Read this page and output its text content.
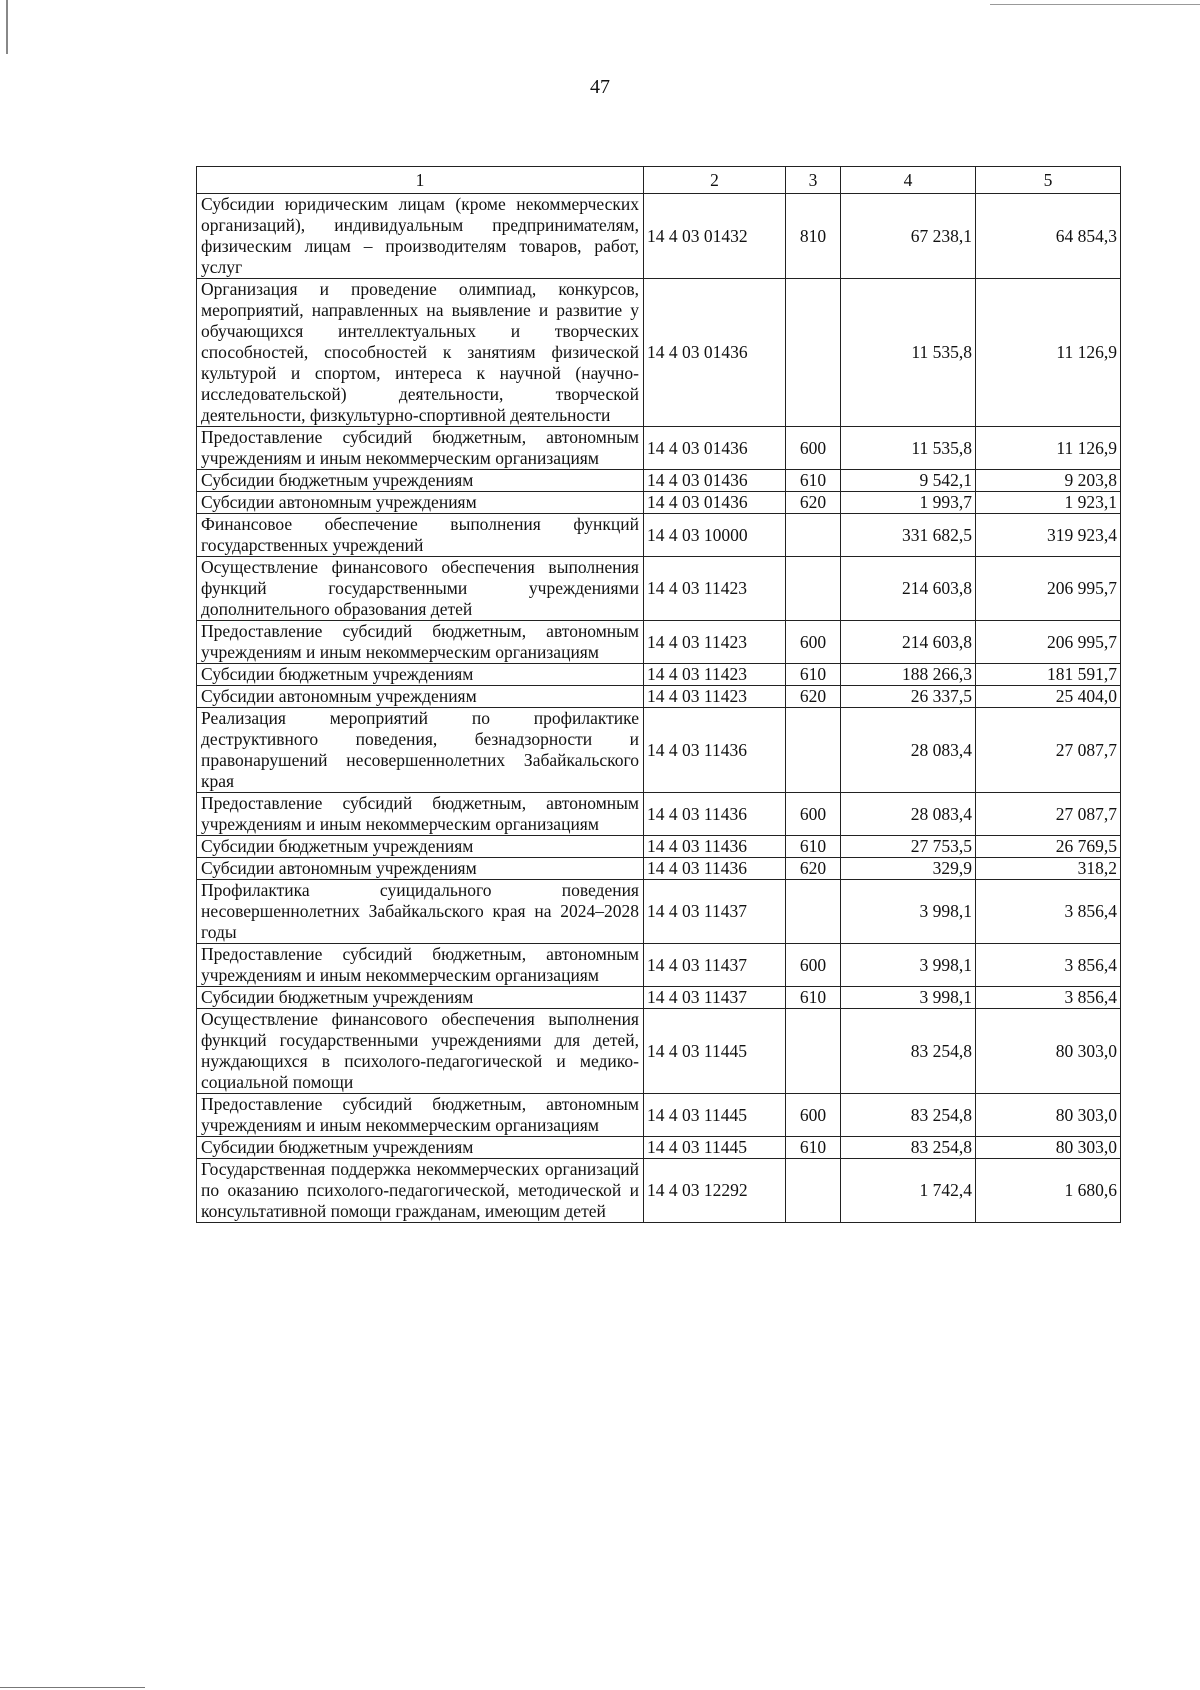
47
1	2	3	4	5
Субсидии юридическим лицам (кроме некоммерческих организаций), индивидуальным предпринимателям, физическим лицам – производителям товаров, работ, услуг	14 4 03 01432	810	67 238,1	64 854,3
Организация и проведение олимпиад, конкурсов, мероприятий, направленных на выявление и развитие у обучающихся интеллектуальных и творческих способностей, способностей к занятиям физической культурой и спортом, интереса к научной (научно-исследовательской) деятельности, творческой деятельности, физкультурно-спортивной деятельности	14 4 03 01436		11 535,8	11 126,9
Предоставление субсидий бюджетным, автономным учреждениям и иным некоммерческим организациям	14 4 03 01436	600	11 535,8	11 126,9
Субсидии бюджетным учреждениям	14 4 03 01436	610	9 542,1	9 203,8
Субсидии автономным учреждениям	14 4 03 01436	620	1 993,7	1 923,1
Финансовое обеспечение выполнения функций государственных учреждений	14 4 03 10000		331 682,5	319 923,4
Осуществление финансового обеспечения выполнения функций государственными учреждениями дополнительного образования детей	14 4 03 11423		214 603,8	206 995,7
Предоставление субсидий бюджетным, автономным учреждениям и иным некоммерческим организациям	14 4 03 11423	600	214 603,8	206 995,7
Субсидии бюджетным учреждениям	14 4 03 11423	610	188 266,3	181 591,7
Субсидии автономным учреждениям	14 4 03 11423	620	26 337,5	25 404,0
Реализация мероприятий по профилактике деструктивного поведения, безнадзорности и правонарушений несовершеннолетних Забайкальского края	14 4 03 11436		28 083,4	27 087,7
Предоставление субсидий бюджетным, автономным учреждениям и иным некоммерческим организациям	14 4 03 11436	600	28 083,4	27 087,7
Субсидии бюджетным учреждениям	14 4 03 11436	610	27 753,5	26 769,5
Субсидии автономным учреждениям	14 4 03 11436	620	329,9	318,2
Профилактика суицидального поведения несовершеннолетних Забайкальского края на 2024–2028 годы	14 4 03 11437		3 998,1	3 856,4
Предоставление субсидий бюджетным, автономным учреждениям и иным некоммерческим организациям	14 4 03 11437	600	3 998,1	3 856,4
Субсидии бюджетным учреждениям	14 4 03 11437	610	3 998,1	3 856,4
Осуществление финансового обеспечения выполнения функций государственными учреждениями для детей, нуждающихся в психолого-педагогической и медико-социальной помощи	14 4 03 11445		83 254,8	80 303,0
Предоставление субсидий бюджетным, автономным учреждениям и иным некоммерческим организациям	14 4 03 11445	600	83 254,8	80 303,0
Субсидии бюджетным учреждениям	14 4 03 11445	610	83 254,8	80 303,0
Государственная поддержка некоммерческих организаций по оказанию психолого-педагогической, методической и консультативной помощи гражданам, имеющим детей	14 4 03 12292		1 742,4	1 680,6
